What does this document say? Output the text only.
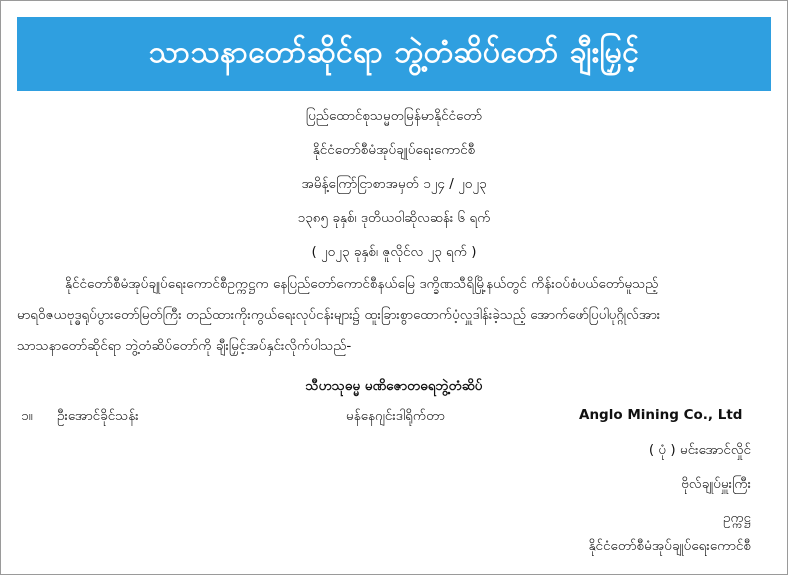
သာသနာတော်ဆိုင်ရာ ဘွဲ့တံဆိပ်တော် ချီးမြှင့်
ပြည်ထောင်စုသမ္မတမြန်မာနိုင်ငံတော်
နိုင်ငံတော်စီမံအုပ်ချုပ်ရေးကောင်စီ
အမိန့်ကြော်ငြာစာအမှတ် ၁၂၄ / ၂၀၂၃
၁၃၈၅ ခုနှစ်၊ ဒုတိယဝါဆိုလဆန်း ၆ ရက်
( ၂၀၂၃ ခုနှစ်၊ ဇူလိုင်လ ၂၃ ရက် )
နိုင်ငံတော်စီမံအုပ်ချုပ်ရေးကောင်စီဥက္ကဋ္ဌက နေပြည်တော်ကောင်စီနယ်မြေ ဒက္ခိဏသီရိမြို့နယ်တွင် ကိန်းဝပ်စံပယ်တော်မူသည့်
မာရဝိဇယဗုဒ္ဓရုပ်ပွားတော်မြတ်ကြီး တည်ထားကိုးကွယ်ရေးလုပ်ငန်းများ၌ ထူးခြားစွာထောက်ပံ့လှူဒါန်းခဲ့သည့် အောက်ဖော်ပြပါပုဂ္ဂိုလ်အား
သာသနာတော်ဆိုင်ရာ ဘွဲ့တံဆိပ်တော်ကို ချီးမြှင့်အပ်နှင်းလိုက်ပါသည်-
သီဟသုဓမ္မ မဏိဇောတဓရဘွဲ့တံဆိပ်
၁။ ဦးအောင်ခိုင်သန်း	မန်နေဂျင်းဒါရိုက်တာ	Anglo Mining Co., Ltd
( ပုံ ) မင်းအောင်လှိုင်
ဗိုလ်ချုပ်မှူးကြီး
ဥက္ကဋ္ဌ
နိုင်ငံတော်စီမံအုပ်ချုပ်ရေးကောင်စီ
